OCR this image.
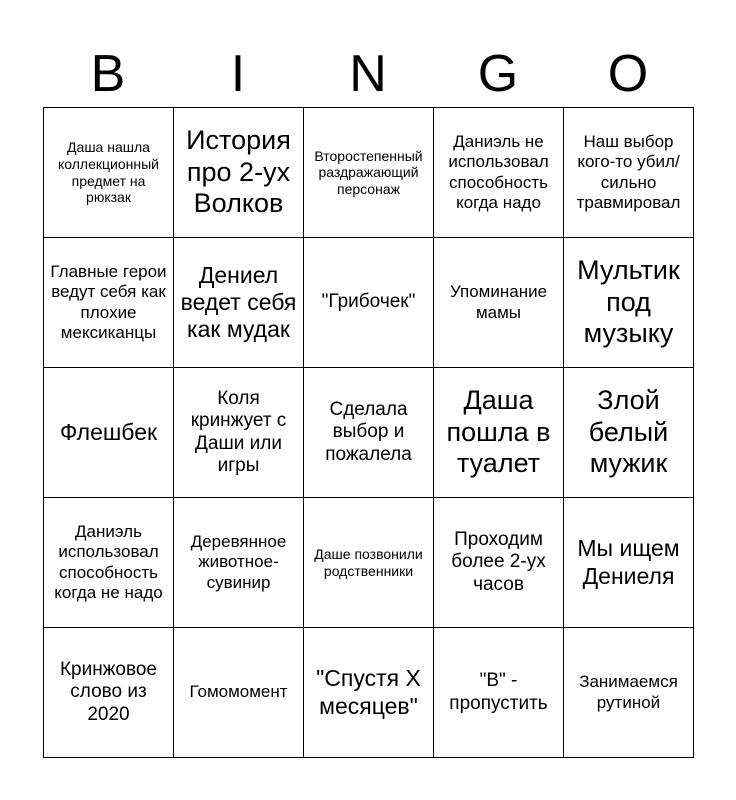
B	I	N	G	O
Даша нашла коллекционный предмет на рюкзак	История про 2-ух Волков	Второстепенный раздражающий персонаж	Даниэль не использовал способность когда надо	Наш выбор кого-то убил/ сильно травмировал
Главные герои ведут себя как плохие мексиканцы	Дениел ведет себя как мудак	"Грибочек"	Упоминание мамы	Мультик под музыку
Флешбек	Коля кринжует с Даши или игры	Сделала выбор и пожалела	Даша пошла в туалет	Злой белый мужик
Даниэль использовал способность когда не надо	Деревянное животное-сувинир	Даше позвонили родственники	Проходим более 2-ух часов	Мы ищем Дениеля
Кринжовое слово из 2020	Гомомомент	"Спустя Х месяцев"	"B" - пропустить	Занимаемся рутиной
